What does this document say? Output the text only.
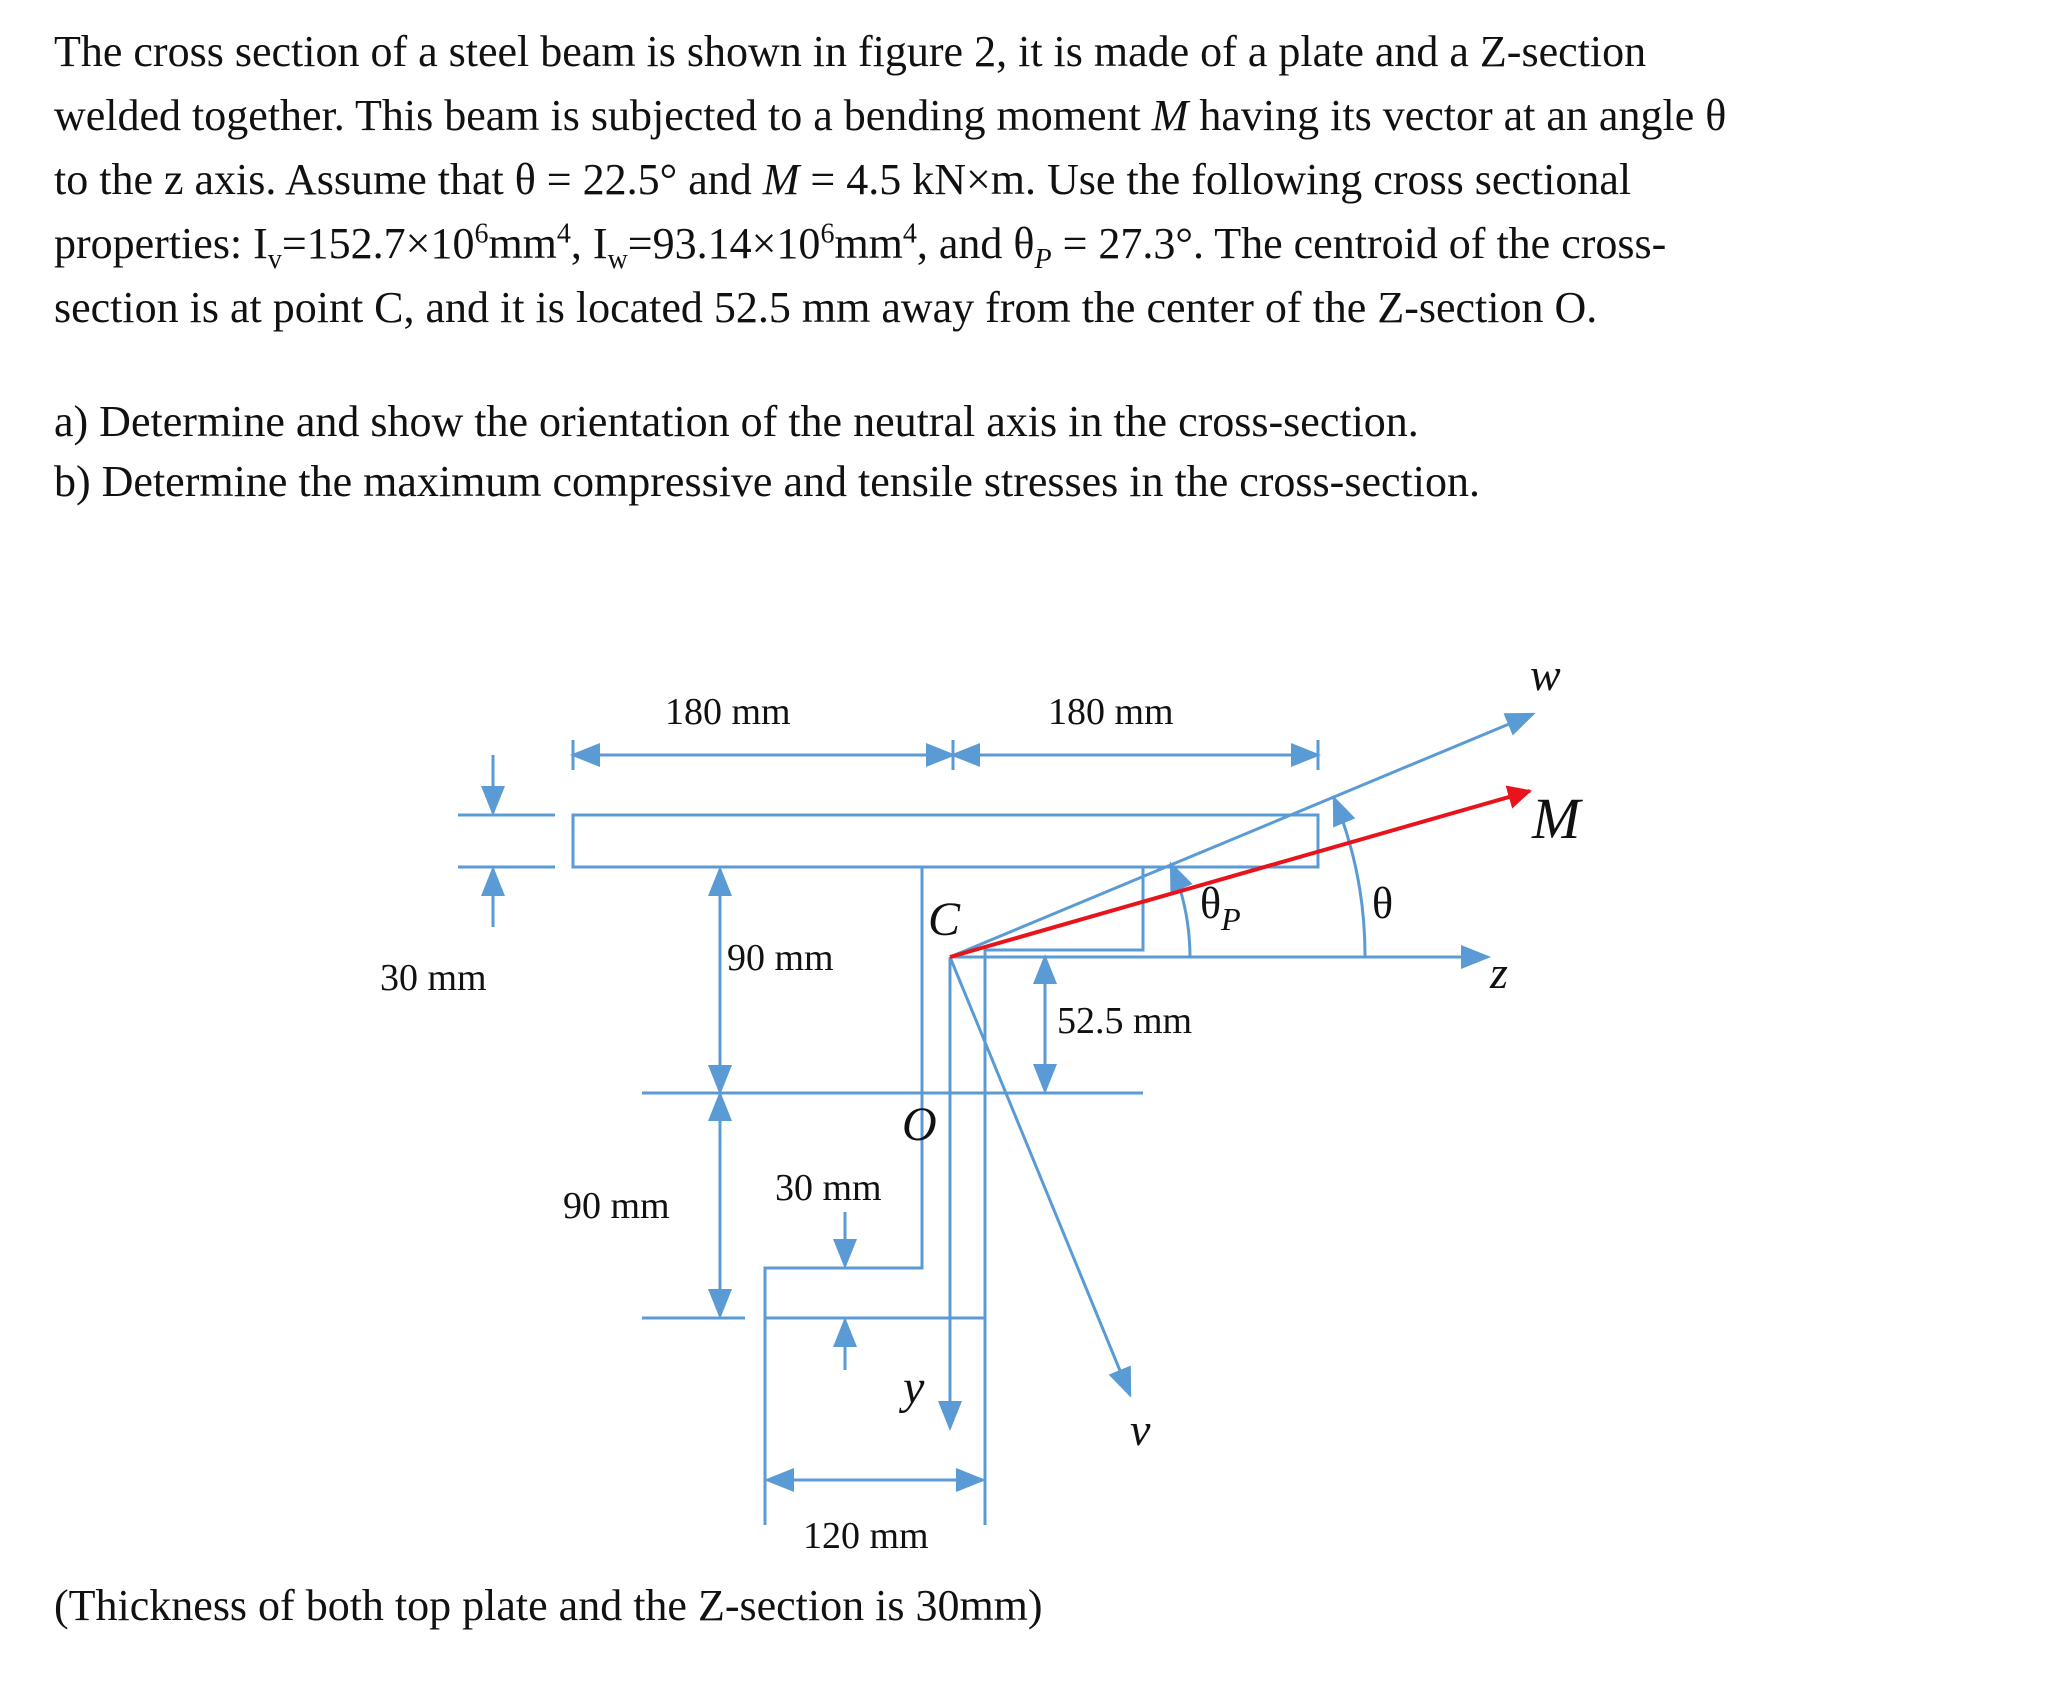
The cross section of a steel beam is shown in figure 2, it is made of a plate and a Z-section

welded together. This beam is subjected to a bending moment M having its vector at an angle θ

to the z axis. Assume that θ = 22.5° and M = 4.5 kN×m. Use the following cross sectional

properties: $I_v=152.7\times 10^6mm^4$, $I_w=93.14\times 10^6mm^4$, and $\theta_P = 27.3^\circ$. The centroid of the cross-

section is at point C, and it is located 52.5 mm away from the center of the Z-section O.

a) Determine and show the orientation of the neutral axis in the cross-section.

b) Determine the maximum compressive and tensile stresses in the cross-section.

180 mm	180 mm
30 mm	90 mm
90 mm	30 mm
52.5 mm
120 mm
C
O
y
z
w
v
M
θ
$\theta_P$
(Thickness of both top plate and the Z-section is 30mm)
